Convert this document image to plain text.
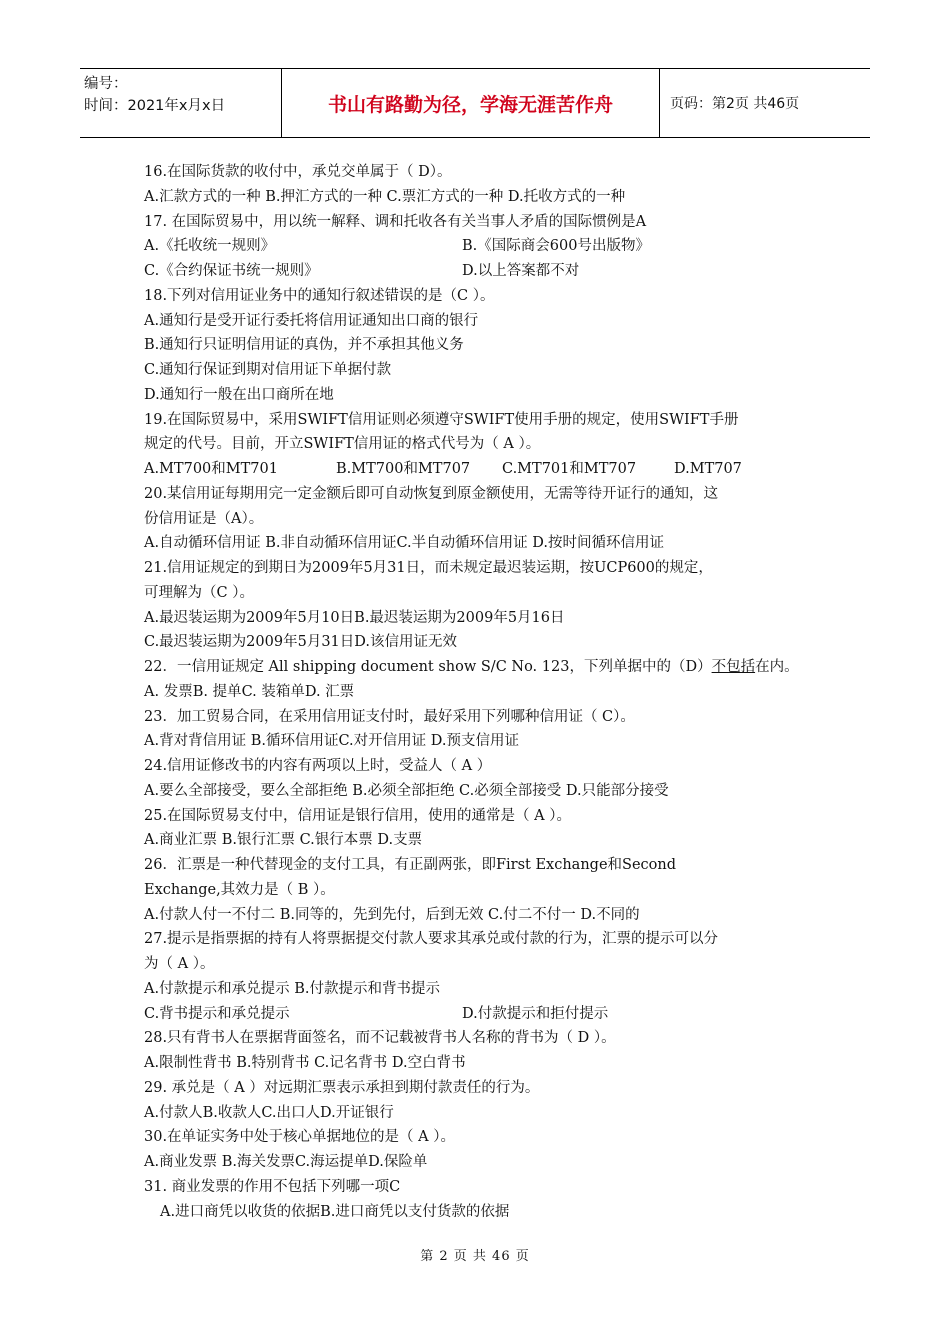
编号：
时间：2021年x月x日	书山有路勤为径，学海无涯苦作舟	页码：第2页 共46页
16.在国际货款的收付中，承兑交单属于（ D）。
A.汇款方式的一种 B.押汇方式的一种 C.票汇方式的一种 D.托收方式的一种
17. 在国际贸易中，用以统一解释、调和托收各有关当事人矛盾的国际惯例是A
A.《托收统一规则》	B.《国际商会600号出版物》
C.《合约保证书统一规则》	D.以上答案都不对
18.下列对信用证业务中的通知行叙述错误的是（C ）。
A.通知行是受开证行委托将信用证通知出口商的银行
B.通知行只证明信用证的真伪，并不承担其他义务
C.通知行保证到期对信用证下单据付款
D.通知行一般在出口商所在地
19.在国际贸易中，采用SWIFT信用证则必须遵守SWIFT使用手册的规定，使用SWIFT手册
规定的代号。目前，开立SWIFT信用证的格式代号为（ A ）。
A.MT700和MT701	B.MT700和MT707 C.MT701和MT707	D.MT707
20.某信用证每期用完一定金额后即可自动恢复到原金额使用，无需等待开证行的通知，这
份信用证是（A）。
A.自动循环信用证 B.非自动循环信用证C.半自动循环信用证 D.按时间循环信用证
21.信用证规定的到期日为2009年5月31日，而未规定最迟装运期，按UCP600的规定，
可理解为（C ）。
A.最迟装运期为2009年5月10日B.最迟装运期为2009年5月16日
C.最迟装运期为2009年5月31日D.该信用证无效
22．一信用证规定 All shipping document show S/C No. 123，下列单据中的（D）不包括在内。
A. 发票B. 提单C. 装箱单D. 汇票
23．加工贸易合同，在采用信用证支付时，最好采用下列哪种信用证（ C）。
A.背对背信用证 B.循环信用证C.对开信用证 D.预支信用证
24.信用证修改书的内容有两项以上时，受益人（ A ）
A.要么全部接受，要么全部拒绝 B.必须全部拒绝 C.必须全部接受 D.只能部分接受
25.在国际贸易支付中，信用证是银行信用，使用的通常是（ A ）。
A.商业汇票 B.银行汇票 C.银行本票 D.支票
26．汇票是一种代替现金的支付工具，有正副两张，即First Exchange和Second
Exchange,其效力是（ B ）。
A.付款人付一不付二 B.同等的，先到先付，后到无效 C.付二不付一 D.不同的
27.提示是指票据的持有人将票据提交付款人要求其承兑或付款的行为，汇票的提示可以分
为（ A ）。
A.付款提示和承兑提示 B.付款提示和背书提示
C.背书提示和承兑提示	D.付款提示和拒付提示
28.只有背书人在票据背面签名，而不记载被背书人名称的背书为（ D ）。
A.限制性背书 B.特别背书 C.记名背书 D.空白背书
29. 承兑是（ A ）对远期汇票表示承担到期付款责任的行为。
A.付款人B.收款人C.出口人D.开证银行
30.在单证实务中处于核心单据地位的是（ A ）。
A.商业发票 B.海关发票C.海运提单D.保险单
31. 商业发票的作用不包括下列哪一项C
A.进口商凭以收货的依据B.进口商凭以支付货款的依据
第 2 页 共 46 页
